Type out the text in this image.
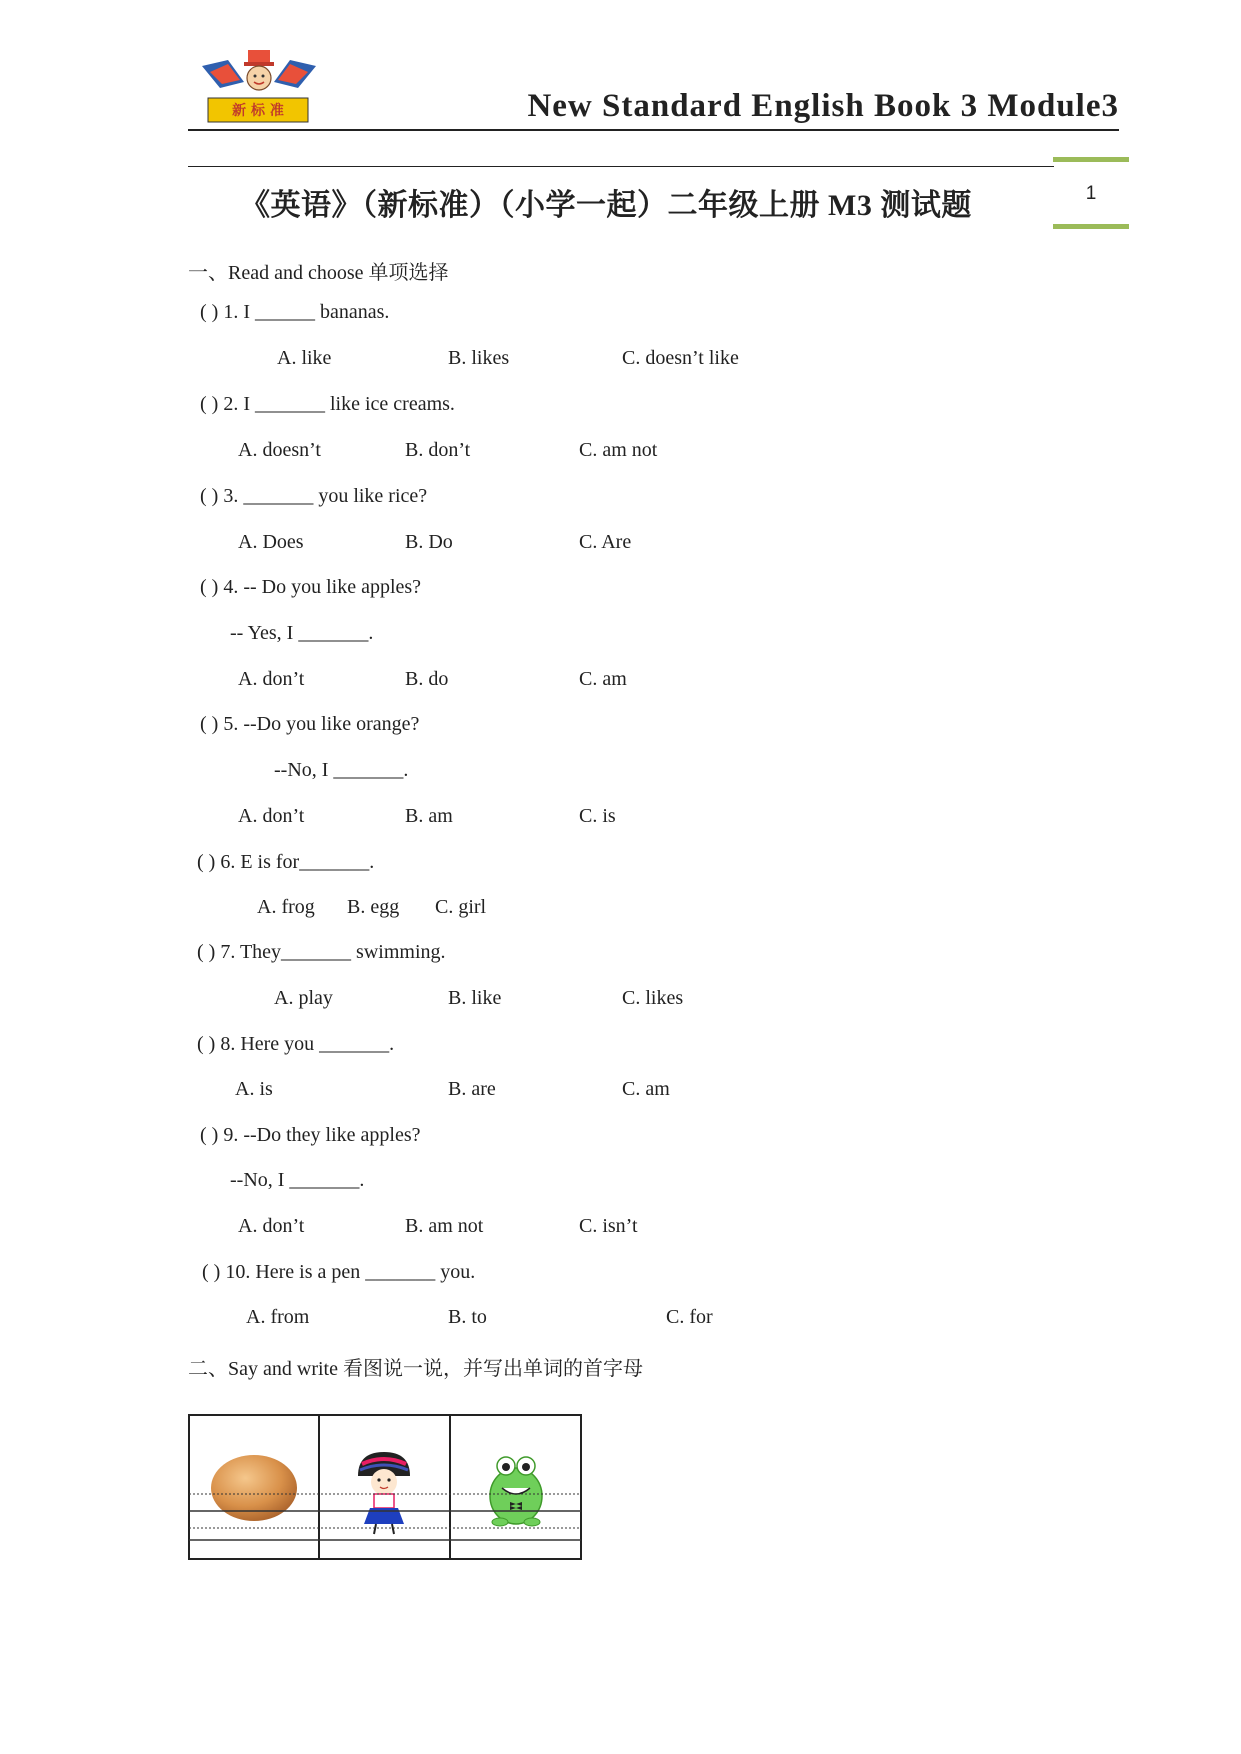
新 标 准	New Standard English Book 3 Module3
1
《英语》（新标准）（小学一起）二年级上册 M3 测试题
一、Read and choose 单项选择
( ) 1. I ______ bananas.
A. like	B. likes	C. doesn’t like
( ) 2. I _______ like ice creams.
A. doesn’t	B. don’t	C. am not
( ) 3. _______ you like rice?
A. Does	B. Do	C. Are
( ) 4. -- Do you like apples?
-- Yes, I _______.
A. don’t	B. do	C. am
( ) 5. --Do you like orange?
--No, I _______.
A. don’t	B. am	C. is
( ) 6. E is for_______.
A. frog B. egg C. girl
( ) 7. They_______ swimming.
A. play	B. like	C. likes
( ) 8. Here you _______.
A. is	B. are	C. am
( ) 9. --Do they like apples?
--No, I _______.
A. don’t	B. am not	C. isn’t
( ) 10. Here is a pen _______ you.
A. from	B. to	C. for
二、Say and write 看图说一说，并写出单词的首字母
